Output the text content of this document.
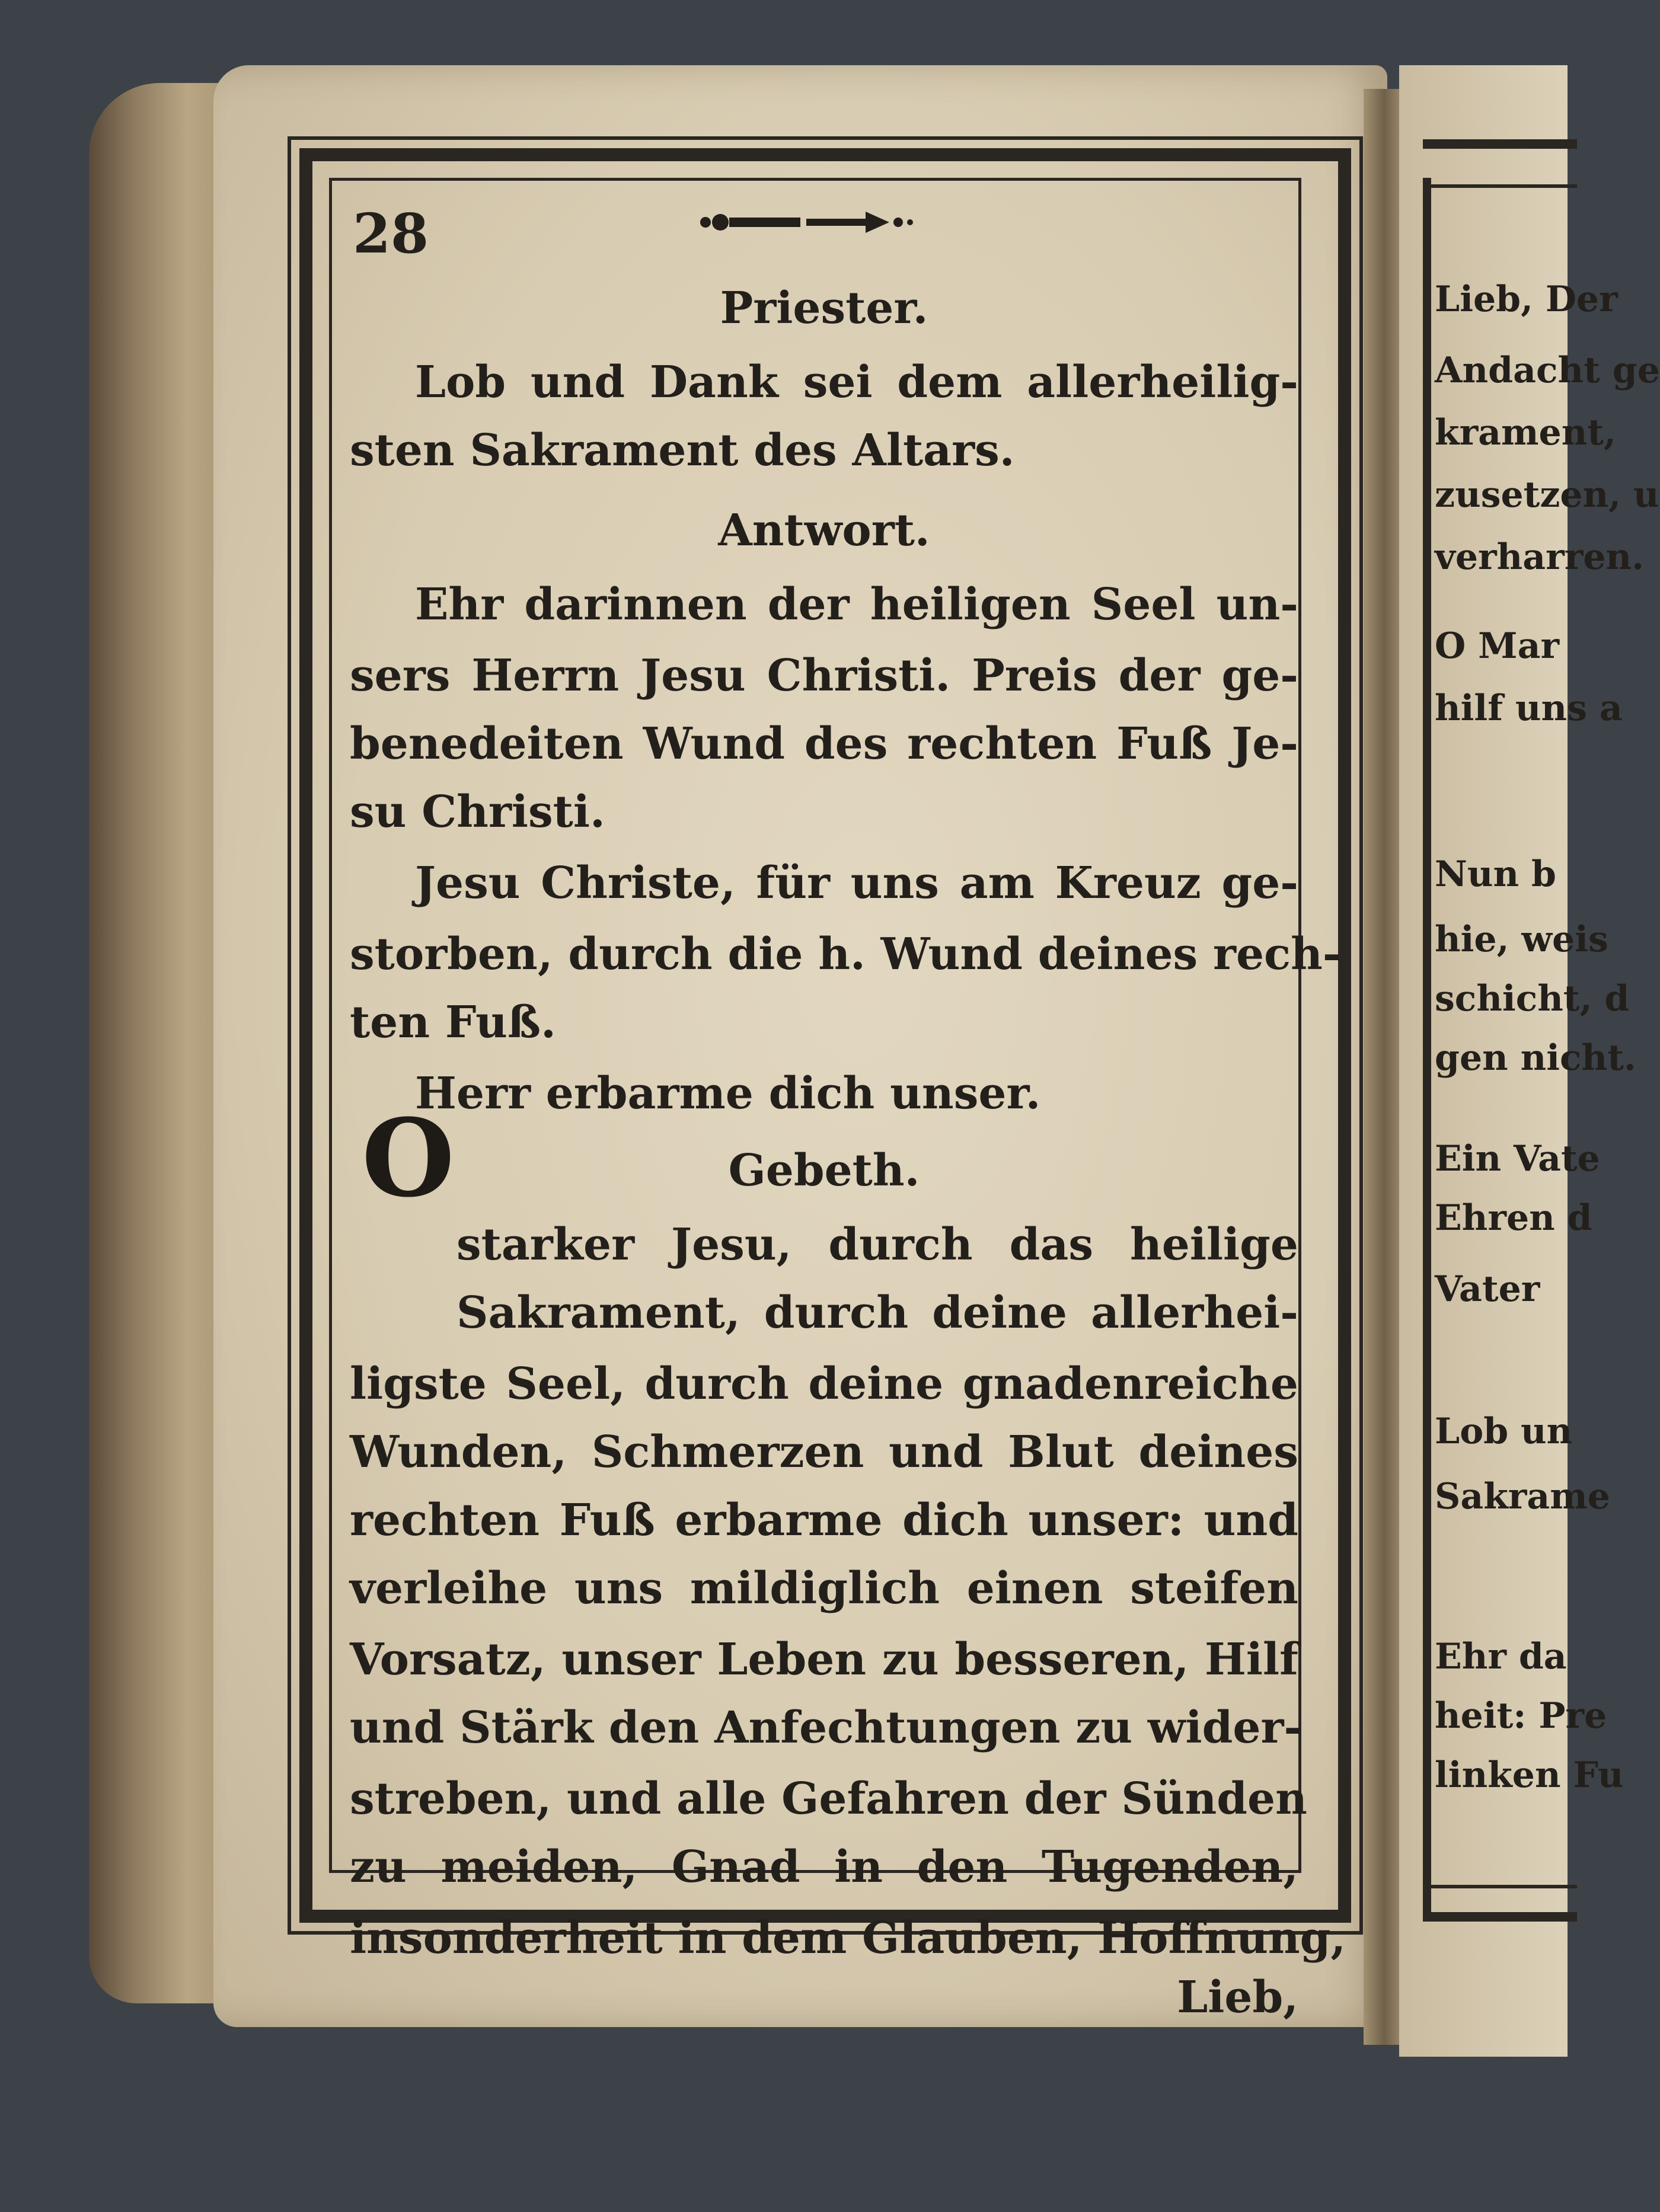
28
O
Priester.
Lob und Dank sei dem allerheilig-
sten Sakrament des Altars.
Antwort.
Ehr darinnen der heiligen Seel un-
sers Herrn Jesu Christi. Preis der ge-
benedeiten Wund des rechten Fuß Je-
su Christi.
Jesu Christe, für uns am Kreuz ge-
storben, durch die h. Wund deines rech-
ten Fuß.
Herr erbarme dich unser.
Gebeth.
starker Jesu, durch das heilige
Sakrament, durch deine allerhei-
ligste Seel, durch deine gnadenreiche
Wunden, Schmerzen und Blut deines
rechten Fuß erbarme dich unser: und
verleihe uns mildiglich einen steifen
Vorsatz, unser Leben zu besseren, Hilf
und Stärk den Anfechtungen zu wider-
streben, und alle Gefahren der Sünden
zu meiden, Gnad in den Tugenden,
insonderheit in dem Glauben, Hoffnung,
Lieb,
Lieb, Der
Andacht ge
krament,
zusetzen, u
verharren.
O Mar
hilf uns a
Nun b
hie, weis
schicht, d
gen nicht.
Ein Vate
Ehren d
Vater
Lob un
Sakrame
Ehr da
heit: Pre
linken Fu
